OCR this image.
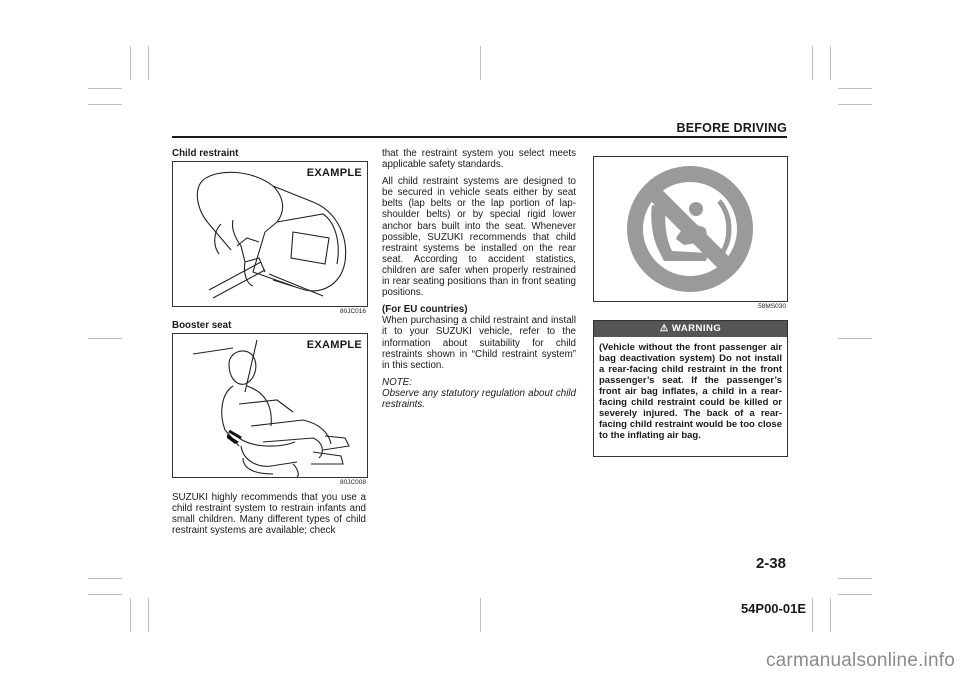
BEFORE DRIVING
Child restraint
EXAMPLE
80JC016
Booster seat
EXAMPLE
80JC008
SUZUKI highly recommends that you use a child restraint system to restrain infants and small children. Many different types of child restraint systems are available; check

that the restraint system you select meets applicable safety standards.

All child restraint systems are designed to be secured in vehicle seats either by seat belts (lap belts or the lap portion of lap-shoulder belts) or by special rigid lower anchor bars built into the seat. Whenever possible, SUZUKI recommends that child restraint systems be installed on the rear seat. According to accident statistics, children are safer when properly restrained in rear seating positions than in front seating positions.

(For EU countries)

When purchasing a child restraint and install it to your SUZUKI vehicle, refer to the information about suitability for child restraints shown in “Child restraint system” in this section.

NOTE:

Observe any statutory regulation about child restraints.

58MS030
⚠ WARNING
(Vehicle without the front passenger air bag deactivation system) Do not install a rear-facing child restraint in the front passenger’s seat. If the passenger’s front air bag inflates, a child in a rear-facing child restraint could be killed or severely injured. The back of a rear-facing child restraint would be too close to the inflating air bag.
2-38
54P00-01E
carmanualsonline.info
